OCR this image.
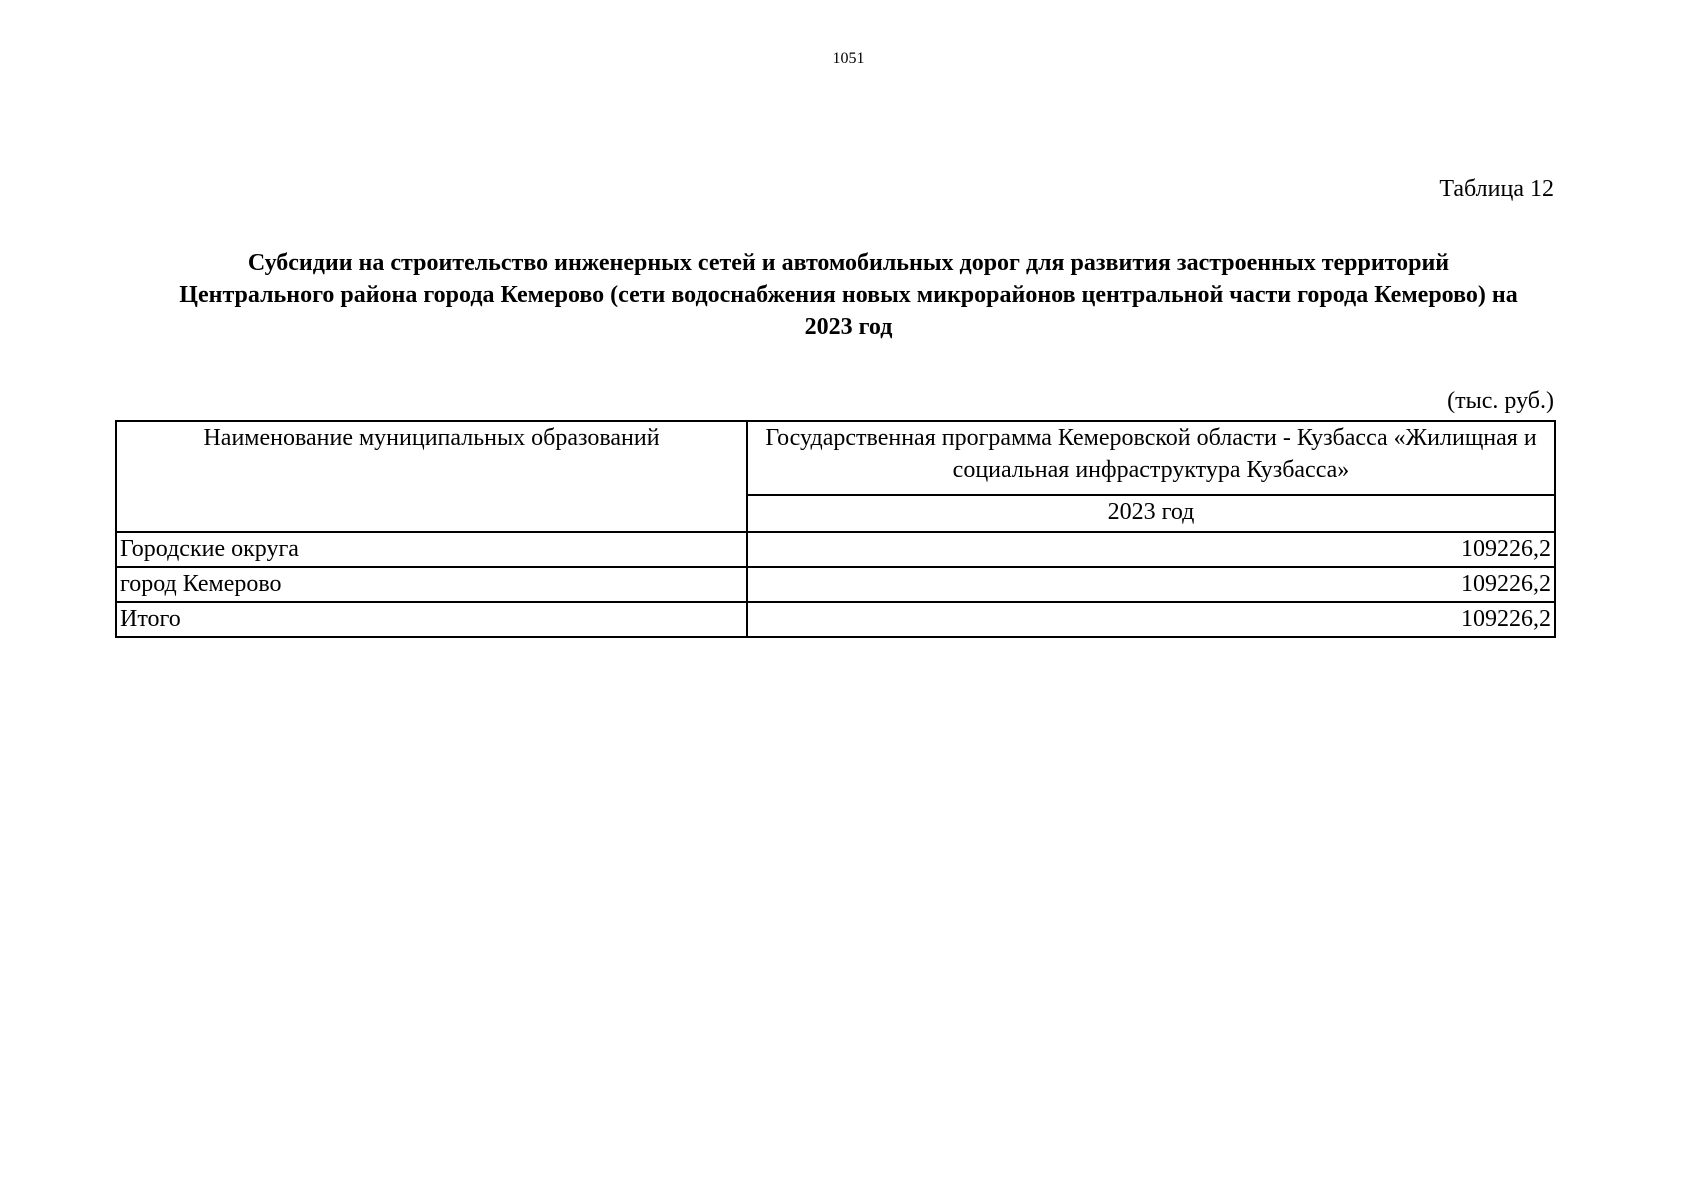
1051
Таблица 12
Субсидии на строительство инженерных сетей и автомобильных дорог для развития застроенных территорий Центрального района города Кемерово (сети водоснабжения новых микрорайонов центральной части города Кемерово) на 2023 год
(тыс. руб.)
Наименование муниципальных образований	Государственная программа Кемеровской области - Кузбасса «Жилищная и социальная инфраструктура Кузбасса»
	2023 год
Городские округа	109226,2
город Кемерово	109226,2
Итого	109226,2
